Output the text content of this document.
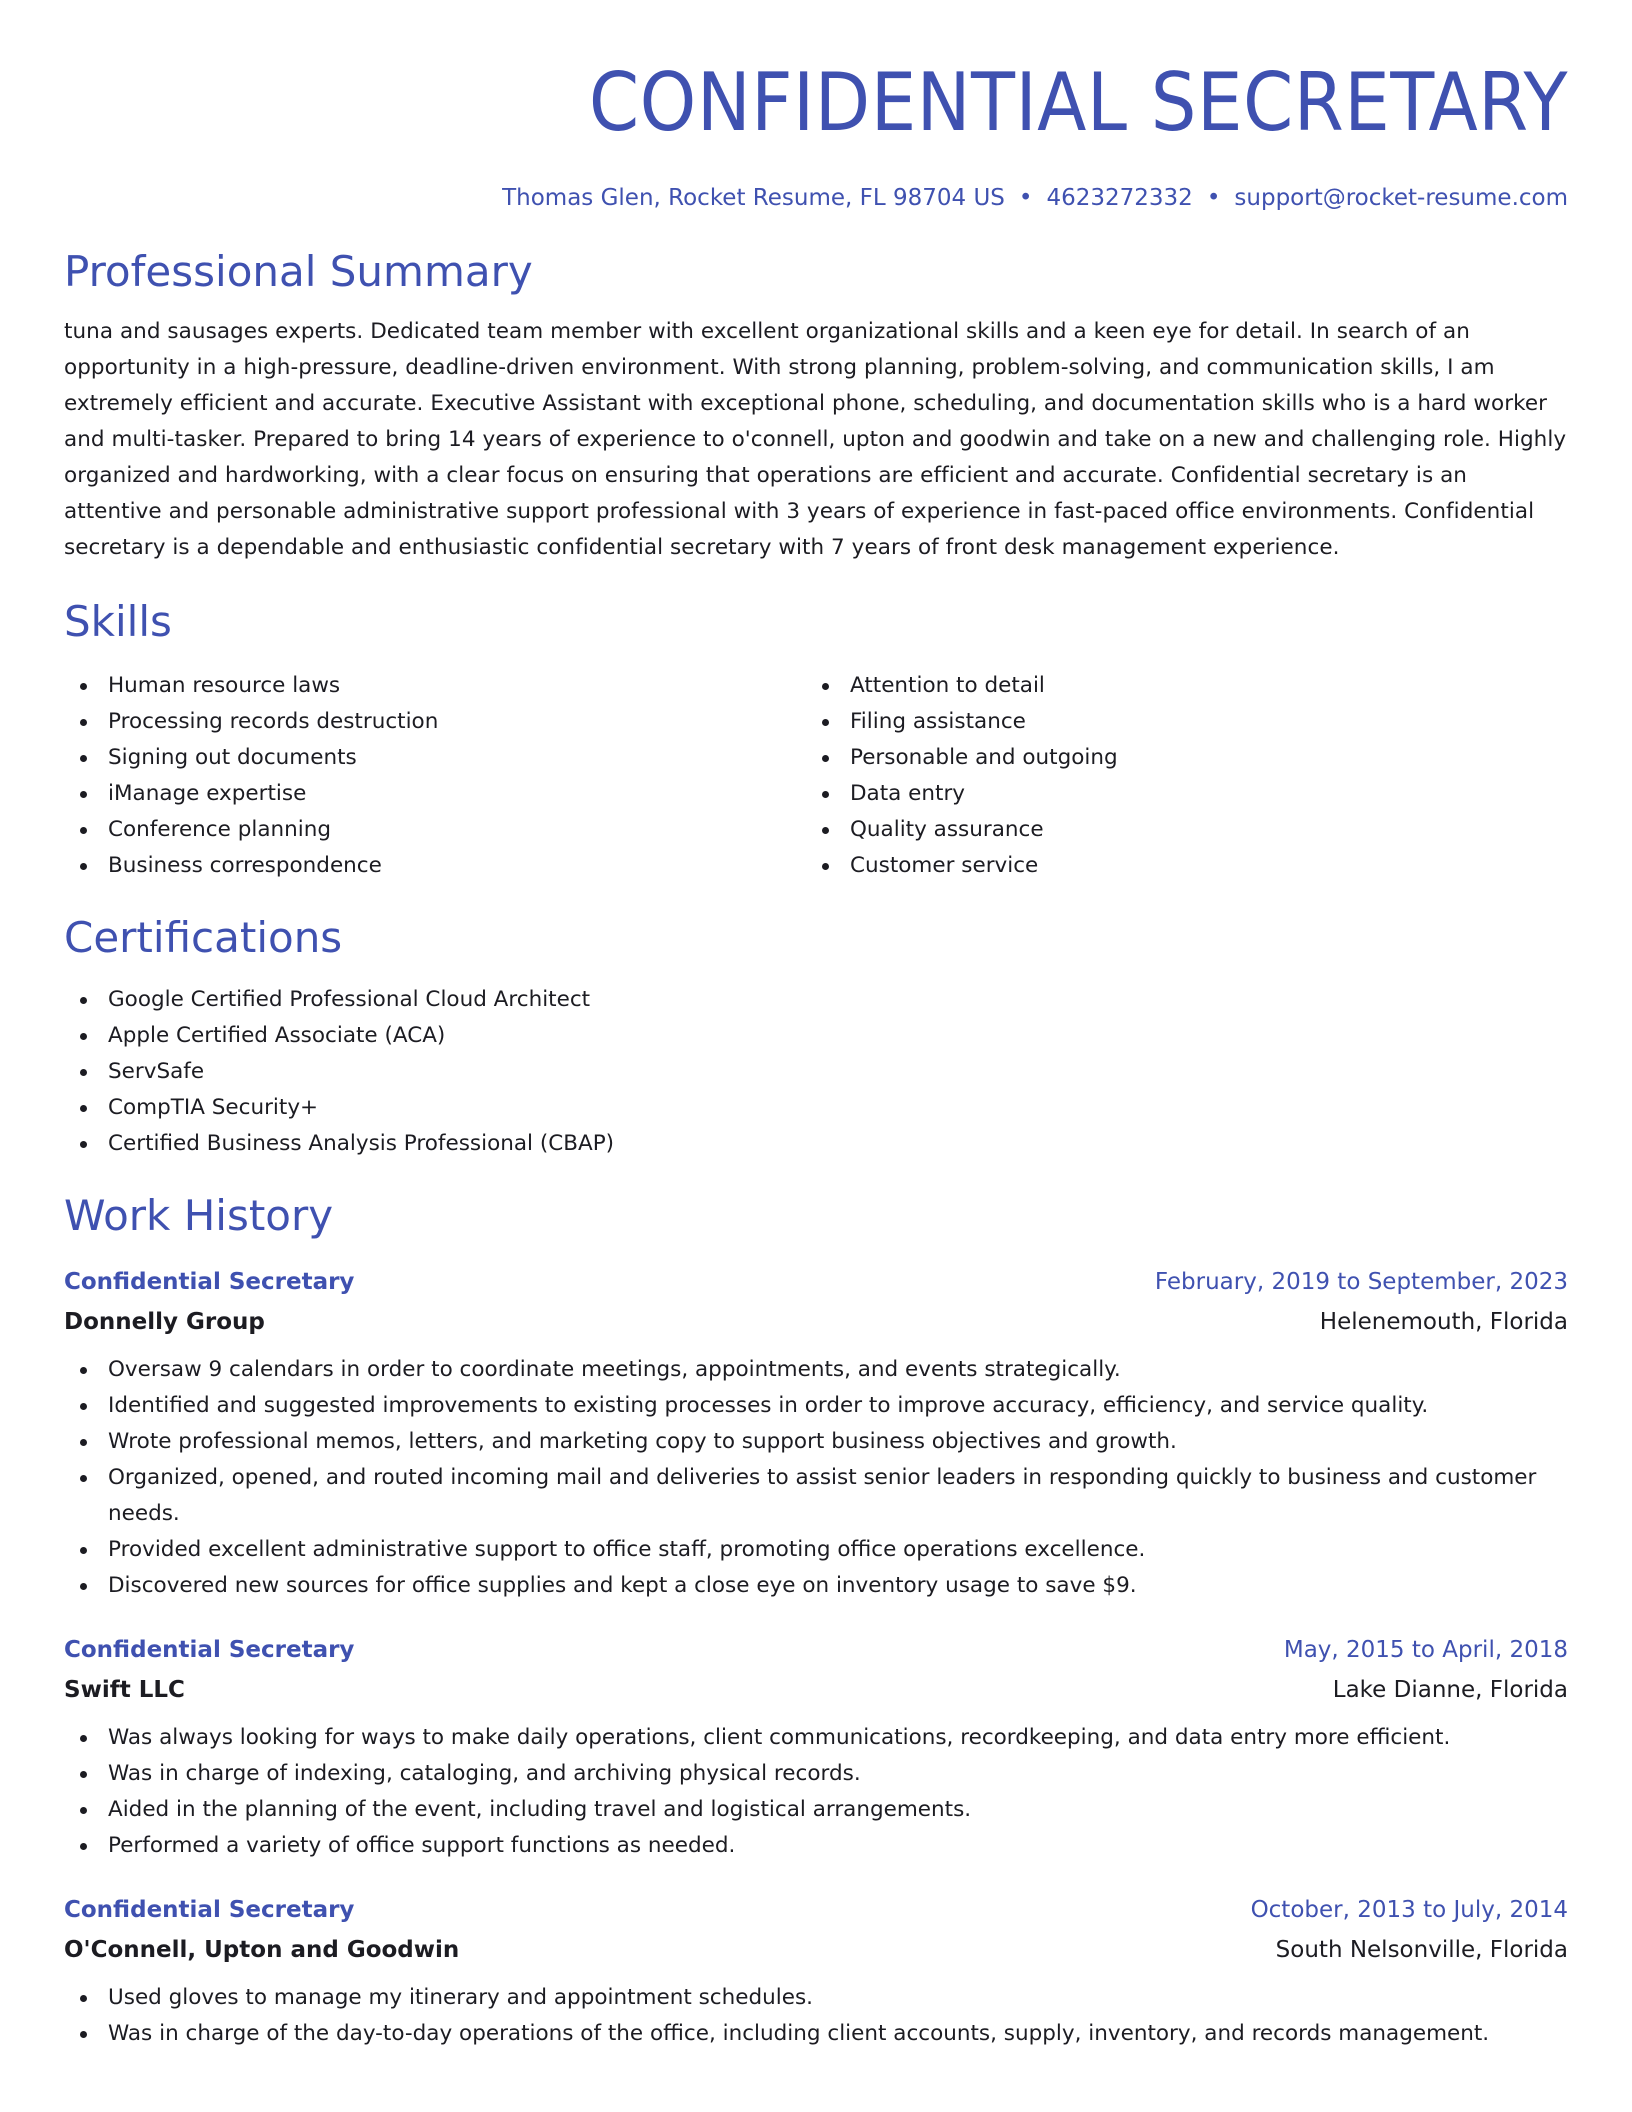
CONFIDENTIAL SECRETARY
Thomas Glen, Rocket Resume, FL 98704 US • 4623272332 • support@rocket-resume.com
Professional Summary

tuna and sausages experts. Dedicated team member with excellent organizational skills and a keen eye for detail. In search of an opportunity in a high-pressure, deadline-driven environment. With strong planning, problem-solving, and communication skills, I am extremely efficient and accurate. Executive Assistant with exceptional phone, scheduling, and documentation skills who is a hard worker and multi-tasker. Prepared to bring 14 years of experience to o'connell, upton and goodwin and take on a new and challenging role. Highly organized and hardworking, with a clear focus on ensuring that operations are efficient and accurate. Confidential secretary is an attentive and personable administrative support professional with 3 years of experience in fast-paced office environments. Confidential secretary is a dependable and enthusiastic confidential secretary with 7 years of front desk management experience.

Skills
Human resource laws
Processing records destruction
Signing out documents
iManage expertise
Conference planning
Business correspondence
Attention to detail
Filing assistance
Personable and outgoing
Data entry
Quality assurance
Customer service
Certifications
Google Certified Professional Cloud Architect
Apple Certified Associate (ACA)
ServSafe
CompTIA Security+
Certified Business Analysis Professional (CBAP)
Work History
Confidential Secretary	February, 2019 to September, 2023
Donnelly Group	Helenemouth, Florida
Oversaw 9 calendars in order to coordinate meetings, appointments, and events strategically.
Identified and suggested improvements to existing processes in order to improve accuracy, efficiency, and service quality.
Wrote professional memos, letters, and marketing copy to support business objectives and growth.
Organized, opened, and routed incoming mail and deliveries to assist senior leaders in responding quickly to business and customer needs.
Provided excellent administrative support to office staff, promoting office operations excellence.
Discovered new sources for office supplies and kept a close eye on inventory usage to save $9.
Confidential Secretary	May, 2015 to April, 2018
Swift LLC	Lake Dianne, Florida
Was always looking for ways to make daily operations, client communications, recordkeeping, and data entry more efficient.
Was in charge of indexing, cataloging, and archiving physical records.
Aided in the planning of the event, including travel and logistical arrangements.
Performed a variety of office support functions as needed.
Confidential Secretary	October, 2013 to July, 2014
O'Connell, Upton and Goodwin	South Nelsonville, Florida
Used gloves to manage my itinerary and appointment schedules.
Was in charge of the day-to-day operations of the office, including client accounts, supply, inventory, and records management.
